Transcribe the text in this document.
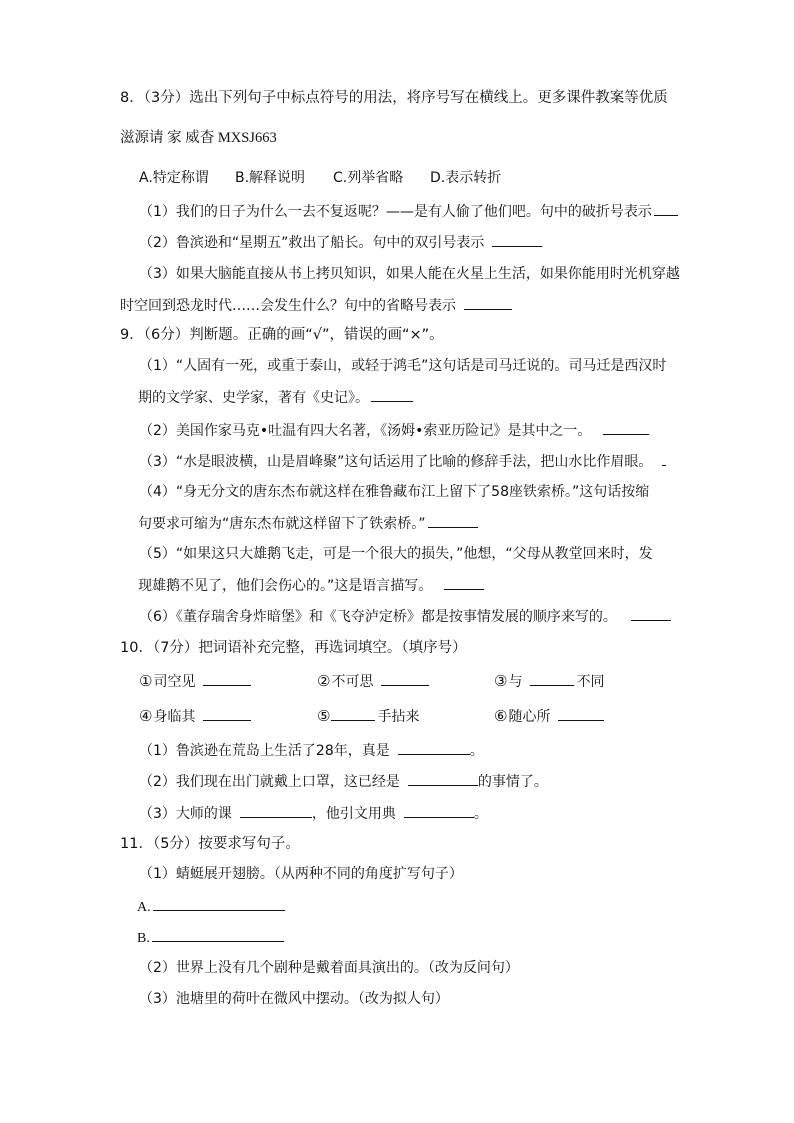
8．（3分）选出下列句子中标点符号的用法，将序号写在横线上。更多课件教案等优质
滋源请 家 威杳 MXSJ663
A.特定称谓 B.解释说明 C.列举省略 D.表示转折
（1）我们的日子为什么一去不复返呢？——是有人偷了他们吧。句中的破折号表示
（2）鲁滨逊和“星期五”救出了船长。句中的双引号表示
（3）如果大脑能直接从书上拷贝知识，如果人能在火星上生活，如果你能用时光机穿越
时空回到恐龙时代……会发生什么？句中的省略号表示
9．（6分）判断题。正确的画“√”，错误的画“×”。
（1）“人固有一死，或重于泰山，或轻于鸿毛”这句话是司马迁说的。司马迁是西汉时
期的文学家、史学家，著有《史记》。
（2）美国作家马克•吐温有四大名著，《汤姆•索亚历险记》是其中之一。
（3）“水是眼波横，山是眉峰聚”这句话运用了比喻的修辞手法，把山水比作眉眼。
（4）“身无分文的唐东杰布就这样在雅鲁藏布江上留下了58座铁索桥。”这句话按缩
句要求可缩为“唐东杰布就这样留下了铁索桥。”
（5）“如果这只大雄鹅飞走，可是一个很大的损失，”他想，“父母从教堂回来时，发
现雄鹅不见了，他们会伤心的。”这是语言描写。
（6）《董存瑞舍身炸暗堡》和《飞夺泸定桥》都是按事情发展的顺序来写的。
10．（7分）把词语补充完整，再选词填空。（填序号）
①司空见	②不可思	③与	不同
④身临其	⑤	手拈来	⑥随心所
（1）鲁滨逊在荒岛上生活了28年，真是	。
（2）我们现在出门就戴上口罩，这已经是	的事情了。
（3）大师的课	，他引文用典	。
11．（5分）按要求写句子。
（1）蜻蜓展开翅膀。（从两种不同的角度扩写句子）
A.
B.
（2）世界上没有几个剧种是戴着面具演出的。（改为反问句）
（3）池塘里的荷叶在微风中摆动。（改为拟人句）
